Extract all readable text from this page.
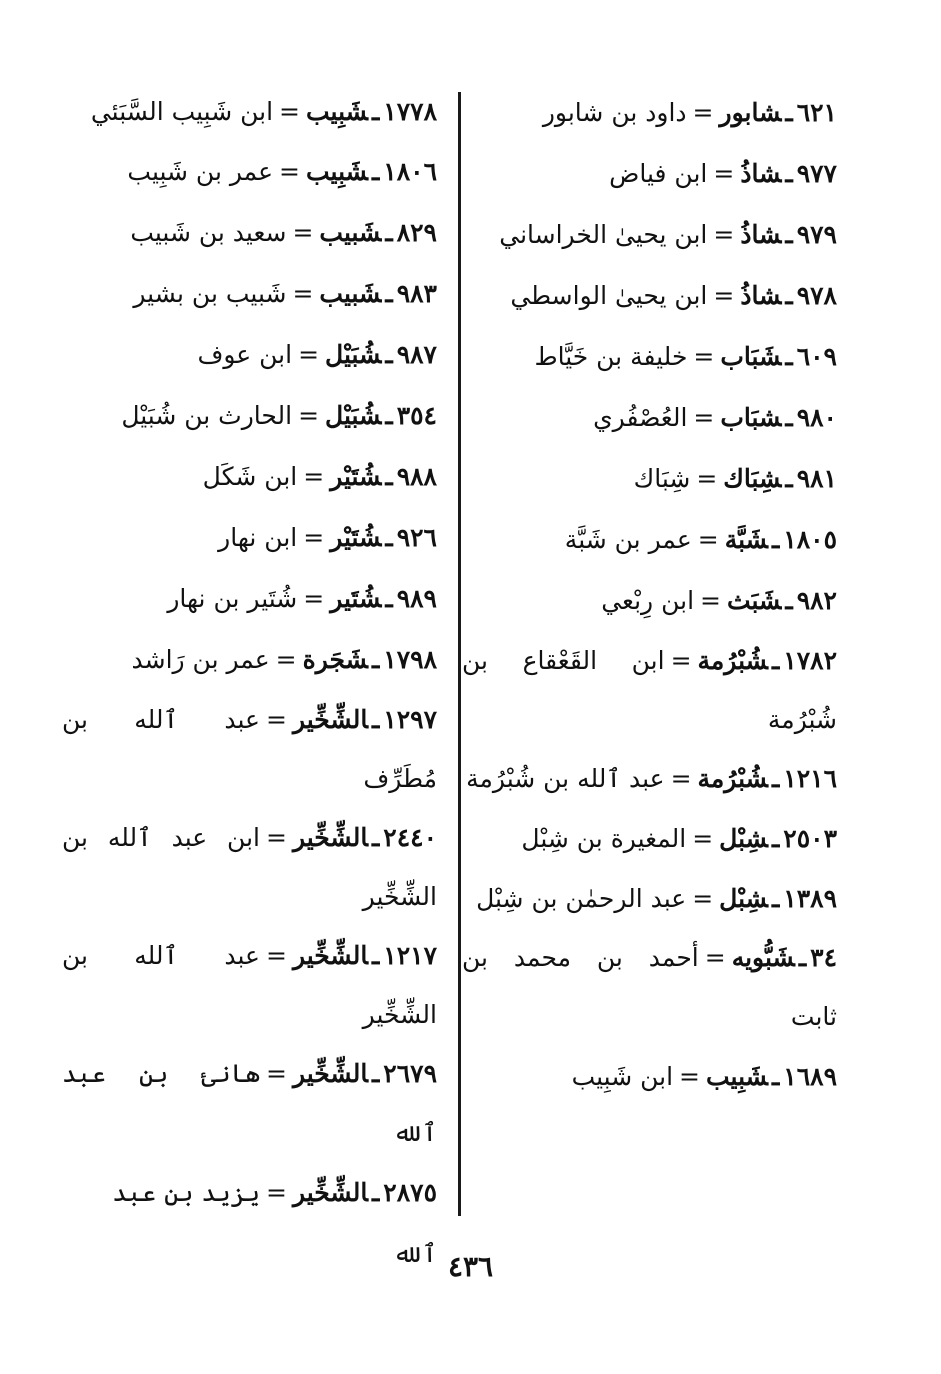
٦٢١ـشابور=داود بن شابور

٩٧٧ـشاذُ=ابن فياض

٩٧٩ـشاذُ=ابن يحيىٰ الخراساني

٩٧٨ـشاذُ=ابن يحيىٰ الواسطي

٦٠٩ـشَبَاب=خليفة بن خَيَّاط

٩٨٠ـشبَاب=العُصْفُري

٩٨١ـشِبَاك=شِبَاك

١٨٠٥ـشَبَّة=عمر بن شَبَّة

٩٨٢ـشَبَث=ابن رِبْعي

١٧٨٢ـشُبْرُمة=ابن القَعْقاع بن شُبْرُمة

١٢١٦ـشُبْرُمة=عبد ٱلله بن شُبْرُمة

٢٥٠٣ـشِبْل=المغيرة بن شِبْل

١٣٨٩ـشِبْل=عبد الرحمٰن بن شِبْل

٣٤ـشَبُّويه=أحمد بن محمد بن ثابت

١٦٨٩ـشَبِيب=ابن شَبِيب

١٧٧٨ـشَبِيب=ابن شَبِيب السَّبَئي

١٨٠٦ـشَبِيب=عمر بن شَبِيب

٨٢٩ـشَبيب=سعيد بن شَبيب

٩٨٣ـشَبيب=شَبيب بن بشير

٩٨٧ـشُبَيْل=ابن عوف

٣٥٤ـشُبَيْل=الحارث بن شُبَيْل

٩٨٨ـشُتَيْر=ابن شَكَل

٩٢٦ـشُتَيْر=ابن نهار

٩٨٩ـشُتَير=شُتَير بن نهار

١٧٩٨ـشَجَرة=عمر بن رَاشد

١٢٩٧ـالشِّخِّير=عبد ٱلله بن مُطَرِّف

٢٤٤٠ـالشِّخِّير=ابن عبد ٱلله بن الشِّخِّير

١٢١٧ـالشِّخِّير=عبد ٱلله بن الشِّخِّير

٢٦٧٩ـالشِّخِّير=هانئ بن عبد ٱلله

٢٨٧٥ـالشِّخِّير=يزيد بن عبد ٱلله ٤٣٦
